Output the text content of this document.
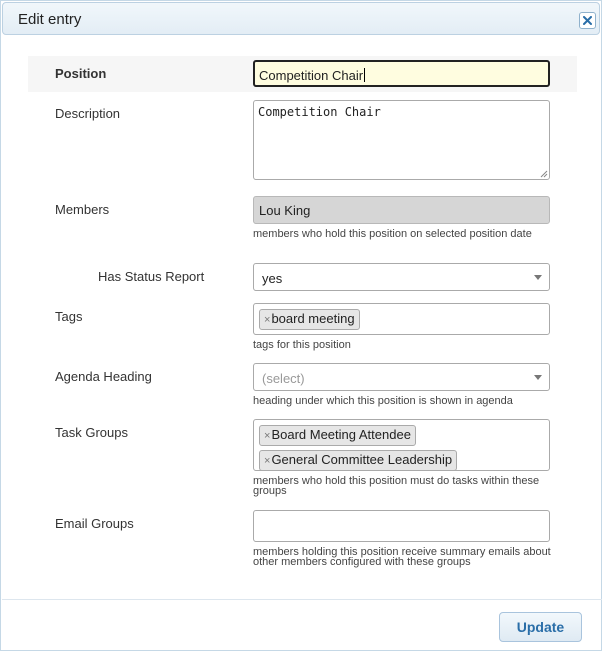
Edit entry
Position	Competition Chair
Description	Competition Chair
Members	Lou King
members who hold this position on selected position date
Has Status Report	yes
Tags	×board meeting
tags for this position
Agenda Heading	(select)
heading under which this position is shown in agenda
Task Groups	×Board Meeting Attendee
×General Committee Leadership
members who hold this position must do tasks within these groups
Email Groups
members holding this position receive summary emails about other members configured with these groups
Update
